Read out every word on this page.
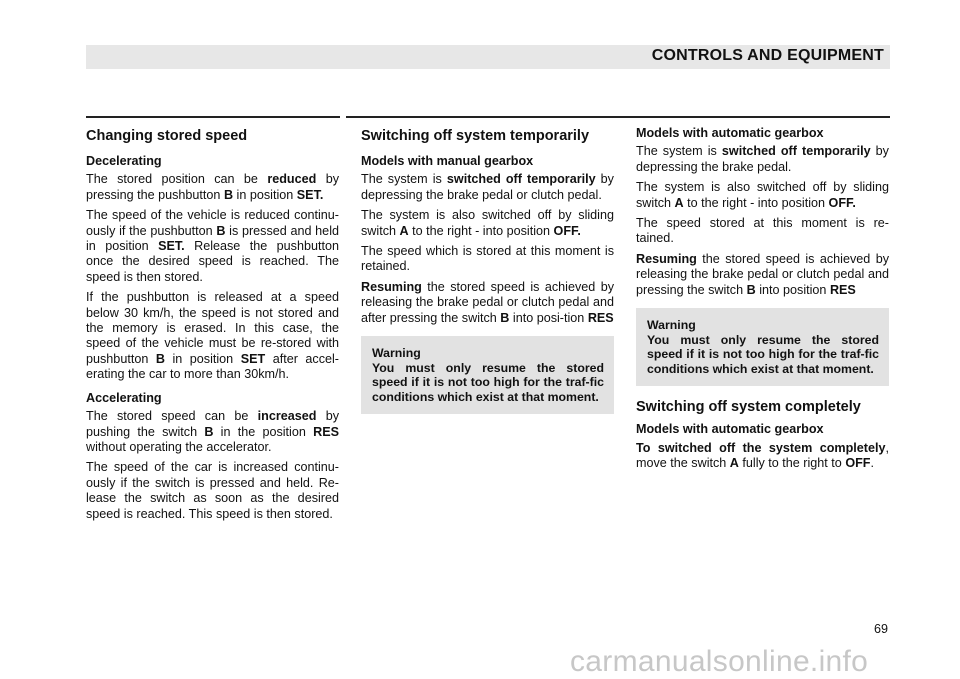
CONTROLS AND EQUIPMENT
Changing stored speed
Decelerating

The stored position can be reduced by pressing the pushbutton B in position SET.

The speed of the vehicle is reduced continu-ously if the pushbutton B is pressed and held in position SET. Release the pushbutton once the desired speed is reached. The speed is then stored.

If the pushbutton is released at a speed below 30 km/h, the speed is not stored and the memory is erased. In this case, the speed of the vehicle must be re-stored with pushbutton B in position SET after accel-erating the car to more than 30km/h.

Accelerating

The stored speed can be increased by pushing the switch B in the position RES without operating the accelerator.

The speed of the car is increased continu-ously if the switch is pressed and held. Re-lease the switch as soon as the desired speed is reached. This speed is then stored.

Switching off system temporarily
Models with manual gearbox

The system is switched off temporarily by depressing the brake pedal or clutch pedal.

The system is also switched off by sliding switch A to the right - into position OFF.

The speed which is stored at this moment is retained.

Resuming the stored speed is achieved by releasing the brake pedal or clutch pedal and after pressing the switch B into posi-tion RES

Warning
You must only resume the stored speed if it is not too high for the traf-fic conditions which exist at that moment.
Models with automatic gearbox

The system is switched off temporarily by depressing the brake pedal.

The system is also switched off by sliding switch A to the right - into position OFF.

The speed stored at this moment is re-tained.

Resuming the stored speed is achieved by releasing the brake pedal or clutch pedal and pressing the switch B into position RES

Warning
You must only resume the stored speed if it is not too high for the traf-fic conditions which exist at that moment.
Switching off system completely
Models with automatic gearbox

To switched off the system completely, move the switch A fully to the right to OFF.

69
carmanualsonline.info
